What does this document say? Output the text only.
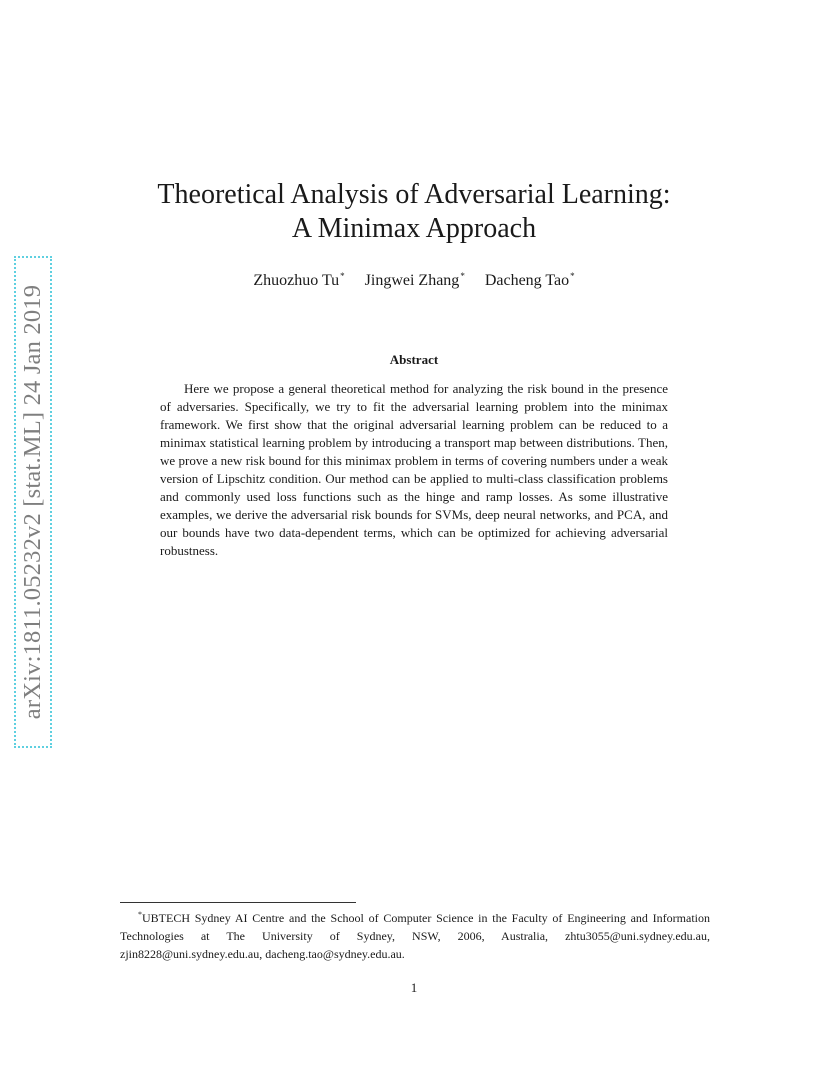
arXiv:1811.05232v2 [stat.ML] 24 Jan 2019
Theoretical Analysis of Adversarial Learning:
A Minimax Approach
Zhuozhuo Tu* Jingwei Zhang* Dacheng Tao*
Abstract

Here we propose a general theoretical method for analyzing the risk bound in the presence of adversaries. Specifically, we try to fit the adversarial learning problem into the minimax framework. We first show that the original adversarial learning problem can be reduced to a minimax statistical learning problem by introducing a transport map between distributions. Then, we prove a new risk bound for this minimax problem in terms of covering numbers under a weak version of Lipschitz condition. Our method can be applied to multi-class classification problems and commonly used loss functions such as the hinge and ramp losses. As some illustrative examples, we derive the adversarial risk bounds for SVMs, deep neural networks, and PCA, and our bounds have two data-dependent terms, which can be optimized for achieving adversarial robustness.

*UBTECH Sydney AI Centre and the School of Computer Science in the Faculty of Engineering and Information Technologies at The University of Sydney, NSW, 2006, Australia, zhtu3055@uni.sydney.edu.au, zjin8228@uni.sydney.edu.au, dacheng.tao@sydney.edu.au.

1
